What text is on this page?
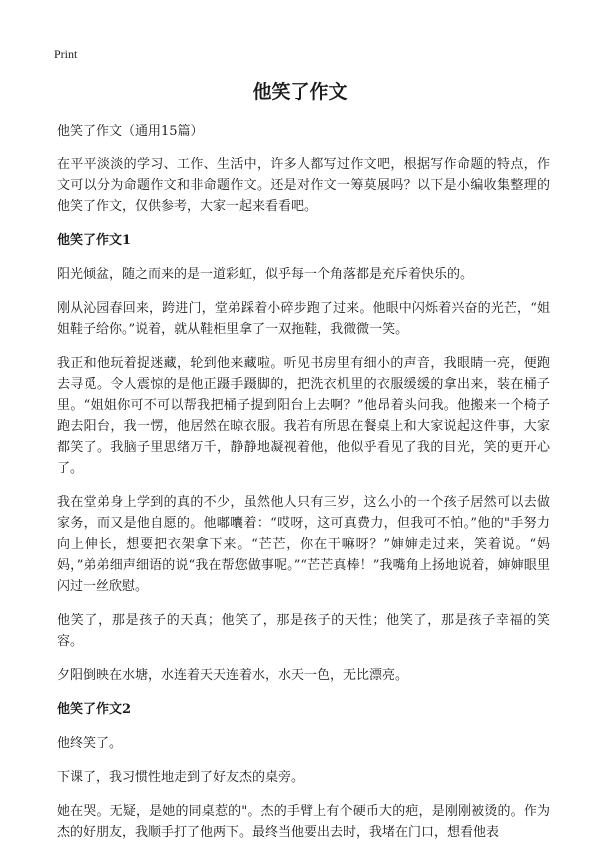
Print
他笑了作文

他笑了作文（通用15篇）

在平平淡淡的学习、工作、生活中，许多人都写过作文吧，根据写作命题的特点，作文可以分为命题作文和非命题作文。还是对作文一筹莫展吗？以下是小编收集整理的他笑了作文，仅供参考，大家一起来看看吧。

他笑了作文1

阳光倾盆，随之而来的是一道彩虹，似乎每一个角落都是充斥着快乐的。

刚从沁园春回来，跨进门，堂弟踩着小碎步跑了过来。他眼中闪烁着兴奋的光芒，“姐姐鞋子给你。”说着，就从鞋柜里拿了一双拖鞋，我微微一笑。

我正和他玩着捉迷藏，轮到他来藏啦。听见书房里有细小的声音，我眼睛一亮，便跑去寻觅。令人震惊的是他正蹑手蹑脚的，把洗衣机里的衣服缓缓的拿出来，装在桶子里。“姐姐你可不可以帮我把桶子提到阳台上去啊？”他昂着头问我。他搬来一个椅子跑去阳台，我一愣，他居然在晾衣服。我若有所思在餐桌上和大家说起这件事，大家都笑了。我脑子里思绪万千，静静地凝视着他，他似乎看见了我的目光，笑的更开心了。

我在堂弟身上学到的真的不少，虽然他人只有三岁，这么小的一个孩子居然可以去做家务，而又是他自愿的。他嘟囔着：“哎呀，这可真费力，但我可不怕。”他的"手努力向上伸长，想要把衣架拿下来。“芒芒，你在干嘛呀？”婶婶走过来，笑着说。“妈妈，”弟弟细声细语的说“我在帮您做事呢。”“芒芒真棒！”我嘴角上扬地说着，婶婶眼里闪过一丝欣慰。

他笑了，那是孩子的天真；他笑了，那是孩子的天性；他笑了，那是孩子幸福的笑容。

夕阳倒映在水塘，水连着天天连着水，水天一色，无比漂亮。

他笑了作文2

他终笑了。

下课了，我习惯性地走到了好友杰的桌旁。

她在哭。无疑，是她的同桌惹的"。杰的手臂上有个硬币大的疤，是刚刚被烫的。作为杰的好朋友，我顺手打了他两下。最终当他要出去时，我堵在门口，想看他表
